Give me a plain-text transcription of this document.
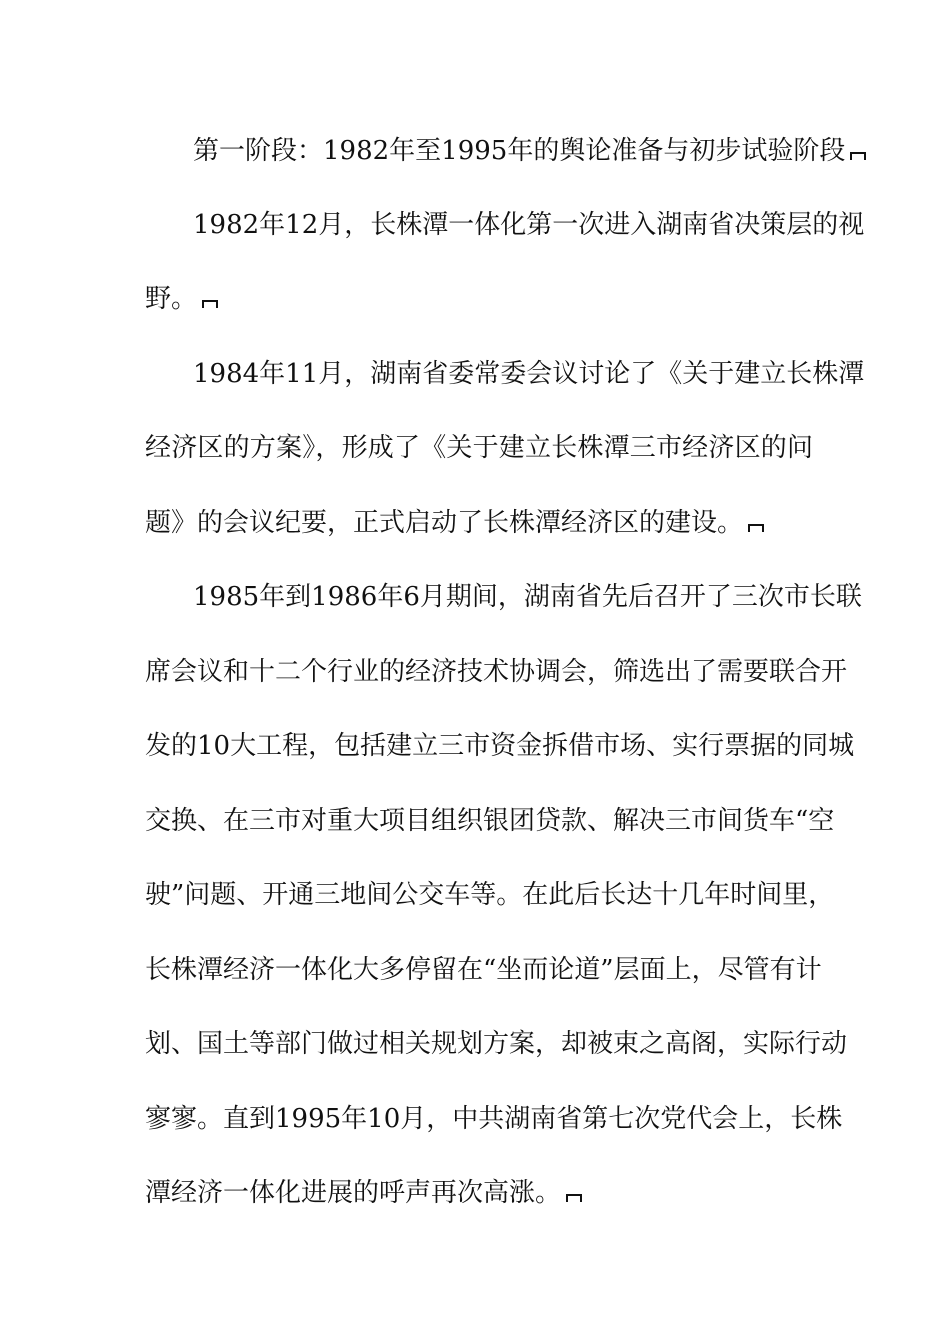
第一阶段：1982年至1995年的舆论准备与初步试验阶段
1982年12月，长株潭一体化第一次进入湖南省决策层的视
野。
1984年11月，湖南省委常委会议讨论了《关于建立长株潭
经济区的方案》，形成了《关于建立长株潭三市经济区的问
题》的会议纪要，正式启动了长株潭经济区的建设。
1985年到1986年6月期间，湖南省先后召开了三次市长联
席会议和十二个行业的经济技术协调会，筛选出了需要联合开
发的10大工程，包括建立三市资金拆借市场、实行票据的同城
交换、在三市对重大项目组织银团贷款、解决三市间货车“空
驶”问题、开通三地间公交车等。在此后长达十几年时间里，
长株潭经济一体化大多停留在“坐而论道”层面上，尽管有计
划、国土等部门做过相关规划方案，却被束之高阁，实际行动
寥寥。直到1995年10月，中共湖南省第七次党代会上，长株
潭经济一体化进展的呼声再次高涨。
